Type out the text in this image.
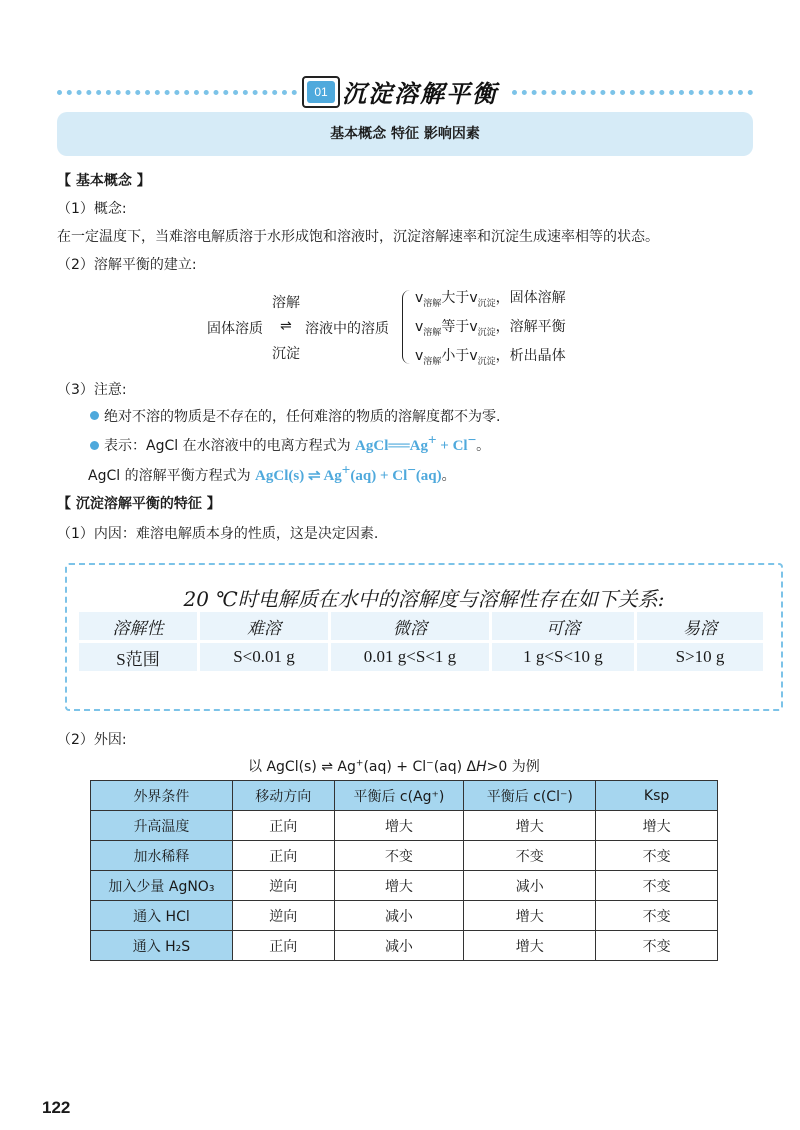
01 沉淀溶解平衡
基本概念 特征 影响因素
【 基本概念 】
（1）概念:
在一定温度下，当难溶电解质溶于水形成饱和溶液时，沉淀溶解速率和沉淀生成速率相等的状态。
（2）溶解平衡的建立:
溶解
固体溶质 ⇌ 溶液中的溶质
沉淀
$v_{溶解}$大于$v_{沉淀}$，固体溶解
$v_{溶解}$等于$v_{沉淀}$，溶解平衡
$v_{溶解}$小于$v_{沉淀}$，析出晶体
（3）注意:
绝对不溶的物质是不存在的，任何难溶的物质的溶解度都不为零.
表示：AgCl 在水溶液中的电离方程式为 AgCl══Ag+ + Cl−。
AgCl 的溶解平衡方程式为 AgCl(s) ⇌ Ag+(aq) + Cl−(aq)。
【 沉淀溶解平衡的特征 】
（1）内因：难溶电解质本身的性质，这是决定因素.
20 ℃时电解质在水中的溶解度与溶解性存在如下关系:
溶解性	难溶	微溶	可溶	易溶

S范围	S<0.01 g	0.01 g<S<1 g	1 g<S<10 g	S>10 g
（2）外因:
以 AgCl(s) ⇌ Ag+(aq) + Cl−(aq) ΔH>0 为例
外界条件	移动方向	平衡后 c(Ag⁺)	平衡后 c(Cl⁻)	Ksp
升高温度	正向	增大	增大	增大
加水稀释	正向	不变	不变	不变
加入少量 AgNO₃	逆向	增大	减小	不变
通入 HCl	逆向	减小	增大	不变
通入 H₂S	正向	减小	增大	不变
122
